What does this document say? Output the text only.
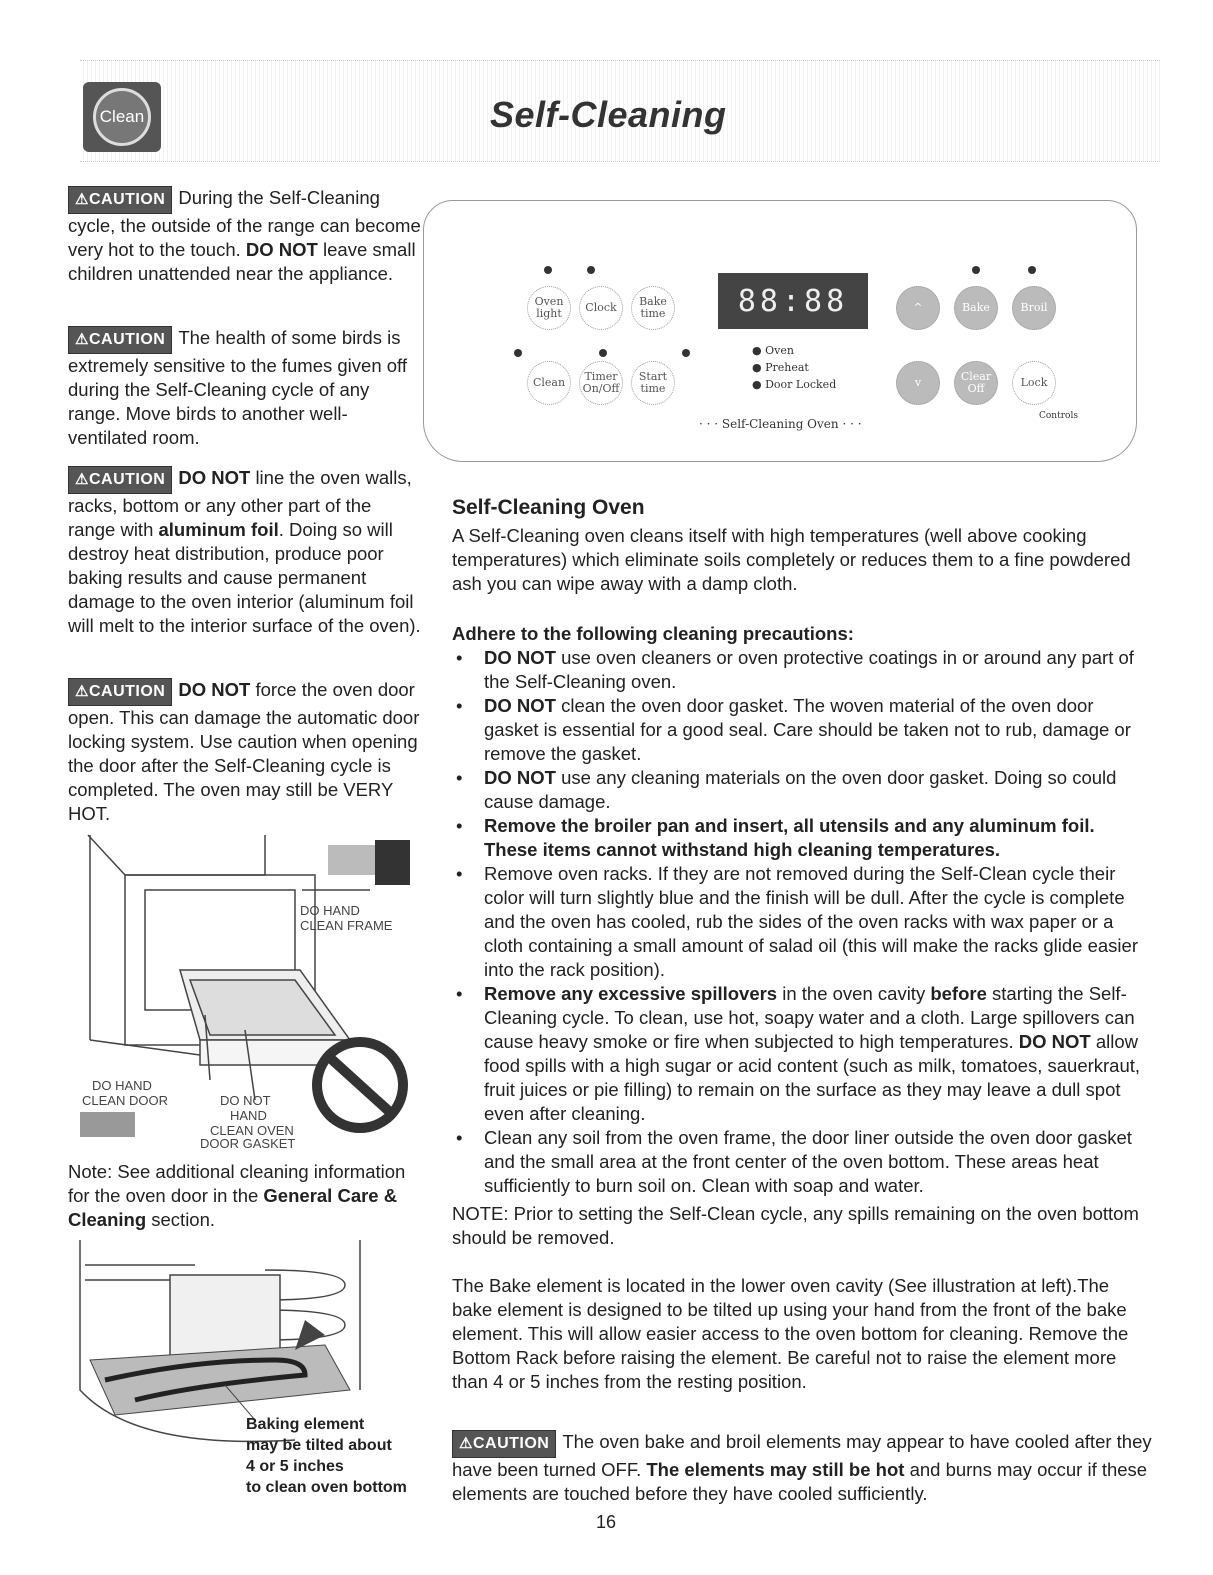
Clean	Self-Cleaning
⚠CAUTION During the Self-Cleaning cycle, the outside of the range can become very hot to the touch. DO NOT leave small children unattended near the appliance.
⚠CAUTION The health of some birds is extremely sensitive to the fumes given off during the Self-Cleaning cycle of any range. Move birds to another well-ventilated room.
⚠CAUTION DO NOT line the oven walls, racks, bottom or any other part of the range with aluminum foil. Doing so will destroy heat distribution, produce poor baking results and cause permanent damage to the oven interior (aluminum foil will melt to the interior surface of the oven).
⚠CAUTION DO NOT force the oven door open. This can damage the automatic door locking system. Use caution when opening the door after the Self-Cleaning cycle is completed. The oven may still be VERY HOT.
DO HAND
CLEAN FRAME
DO HAND
CLEAN DOOR	DO NOT
HAND
CLEAN OVEN
DOOR GASKET
Note: See additional cleaning information for the oven door in the General Care & Cleaning section.
Baking element
may be tilted about
4 or 5 inches
to clean oven bottom
Oven light	Clock	Bake time
Clean	Timer On/Off
Start time
88:88
● Oven
● Preheat
● Door Locked
^	Bake	Broil
v	Clear Off	Lock
Controls
· · · Self-Cleaning Oven · · ·
Self-Cleaning Oven
A Self-Cleaning oven cleans itself with high temperatures (well above cooking temperatures) which eliminate soils completely or reduces them to a fine powdered ash you can wipe away with a damp cloth.
Adhere to the following cleaning precautions:
• DO NOT use oven cleaners or oven protective coatings in or around any part of the Self-Cleaning oven.
• DO NOT clean the oven door gasket. The woven material of the oven door gasket is essential for a good seal. Care should be taken not to rub, damage or remove the gasket.
• DO NOT use any cleaning materials on the oven door gasket. Doing so could cause damage.
• Remove the broiler pan and insert, all utensils and any aluminum foil. These items cannot withstand high cleaning temperatures.
• Remove oven racks. If they are not removed during the Self-Clean cycle their color will turn slightly blue and the finish will be dull. After the cycle is complete and the oven has cooled, rub the sides of the oven racks with wax paper or a cloth containing a small amount of salad oil (this will make the racks glide easier into the rack position).
• Remove any excessive spillovers in the oven cavity before starting the Self-Cleaning cycle. To clean, use hot, soapy water and a cloth. Large spillovers can cause heavy smoke or fire when subjected to high temperatures. DO NOT allow food spills with a high sugar or acid content (such as milk, tomatoes, sauerkraut, fruit juices or pie filling) to remain on the surface as they may leave a dull spot even after cleaning.
• Clean any soil from the oven frame, the door liner outside the oven door gasket and the small area at the front center of the oven bottom. These areas heat sufficiently to burn soil on. Clean with soap and water.
NOTE: Prior to setting the Self-Clean cycle, any spills remaining on the oven bottom should be removed.
The Bake element is located in the lower oven cavity (See illustration at left).The bake element is designed to be tilted up using your hand from the front of the bake element. This will allow easier access to the oven bottom for cleaning. Remove the Bottom Rack before raising the element. Be careful not to raise the element more than 4 or 5 inches from the resting position.
⚠CAUTION The oven bake and broil elements may appear to have cooled after they have been turned OFF. The elements may still be hot and burns may occur if these elements are touched before they have cooled sufficiently.
16
